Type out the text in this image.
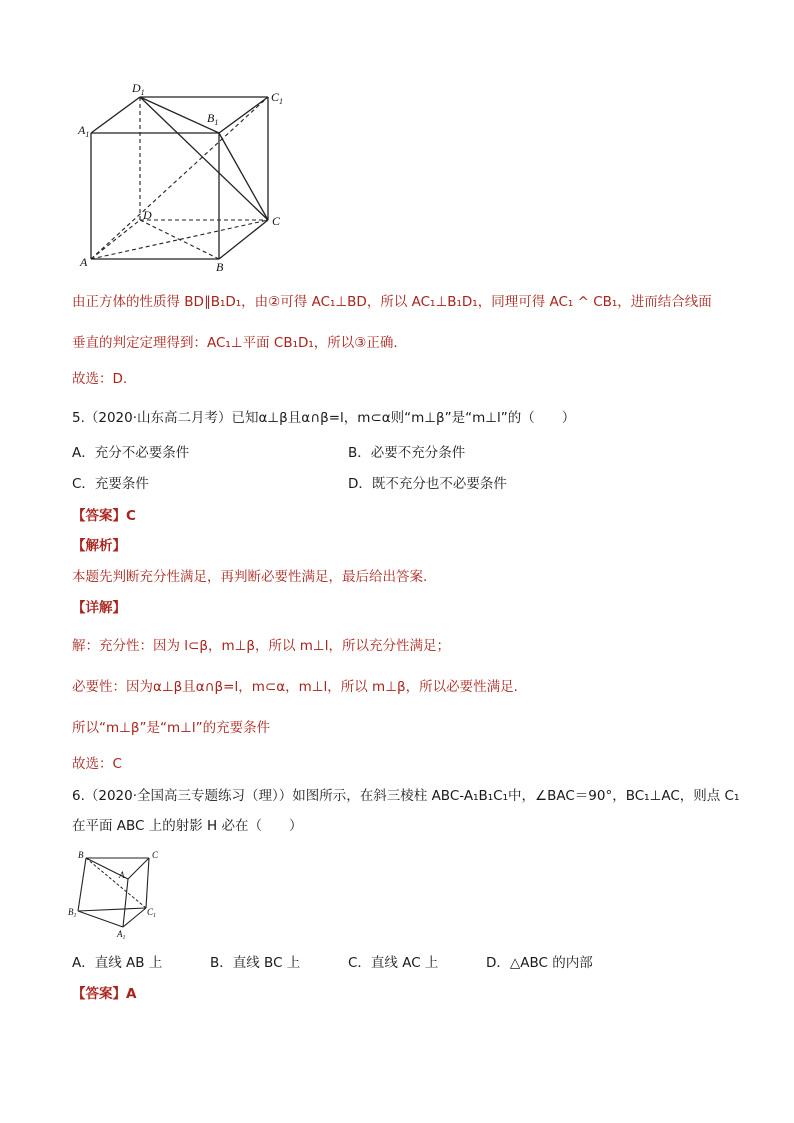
$D_1$	$C_1$
$B_1$
$A_1$
D	C
A	B
由正方体的性质得 BD∥B₁D₁，由②可得 AC₁⊥BD，所以 AC₁⊥B₁D₁，同理可得 AC₁ ^ CB₁，进而结合线面
垂直的判定定理得到：AC₁⊥平面 CB₁D₁，所以③正确.
故选：D.
5.（2020·山东高二月考）已知α⊥β且α∩β=l，m⊂α则“m⊥β”是“m⊥l”的（　　）
A．充分不必要条件	B．必要不充分条件
C．充要条件	D．既不充分也不必要条件
【答案】C
【解析】
本题先判断充分性满足，再判断必要性满足，最后给出答案.
【详解】
解：充分性：因为 l⊂β，m⊥β，所以 m⊥l，所以充分性满足；
必要性：因为α⊥β且α∩β=l，m⊂α，m⊥l，所以 m⊥β，所以必要性满足.
所以“m⊥β”是“m⊥l”的充要条件
故选：C
6.（2020·全国高三专题练习（理））如图所示，在斜三棱柱 ABC-A₁B₁C₁中，∠BAC＝90°，BC₁⊥AC，则点 C₁
在平面 ABC 上的射影 H 必在（　　）
B	C
A
$B_1$	$C_1$
$A_1$
A．直线 AB 上	B．直线 BC 上	C．直线 AC 上	D．△ABC 的内部
【答案】A
